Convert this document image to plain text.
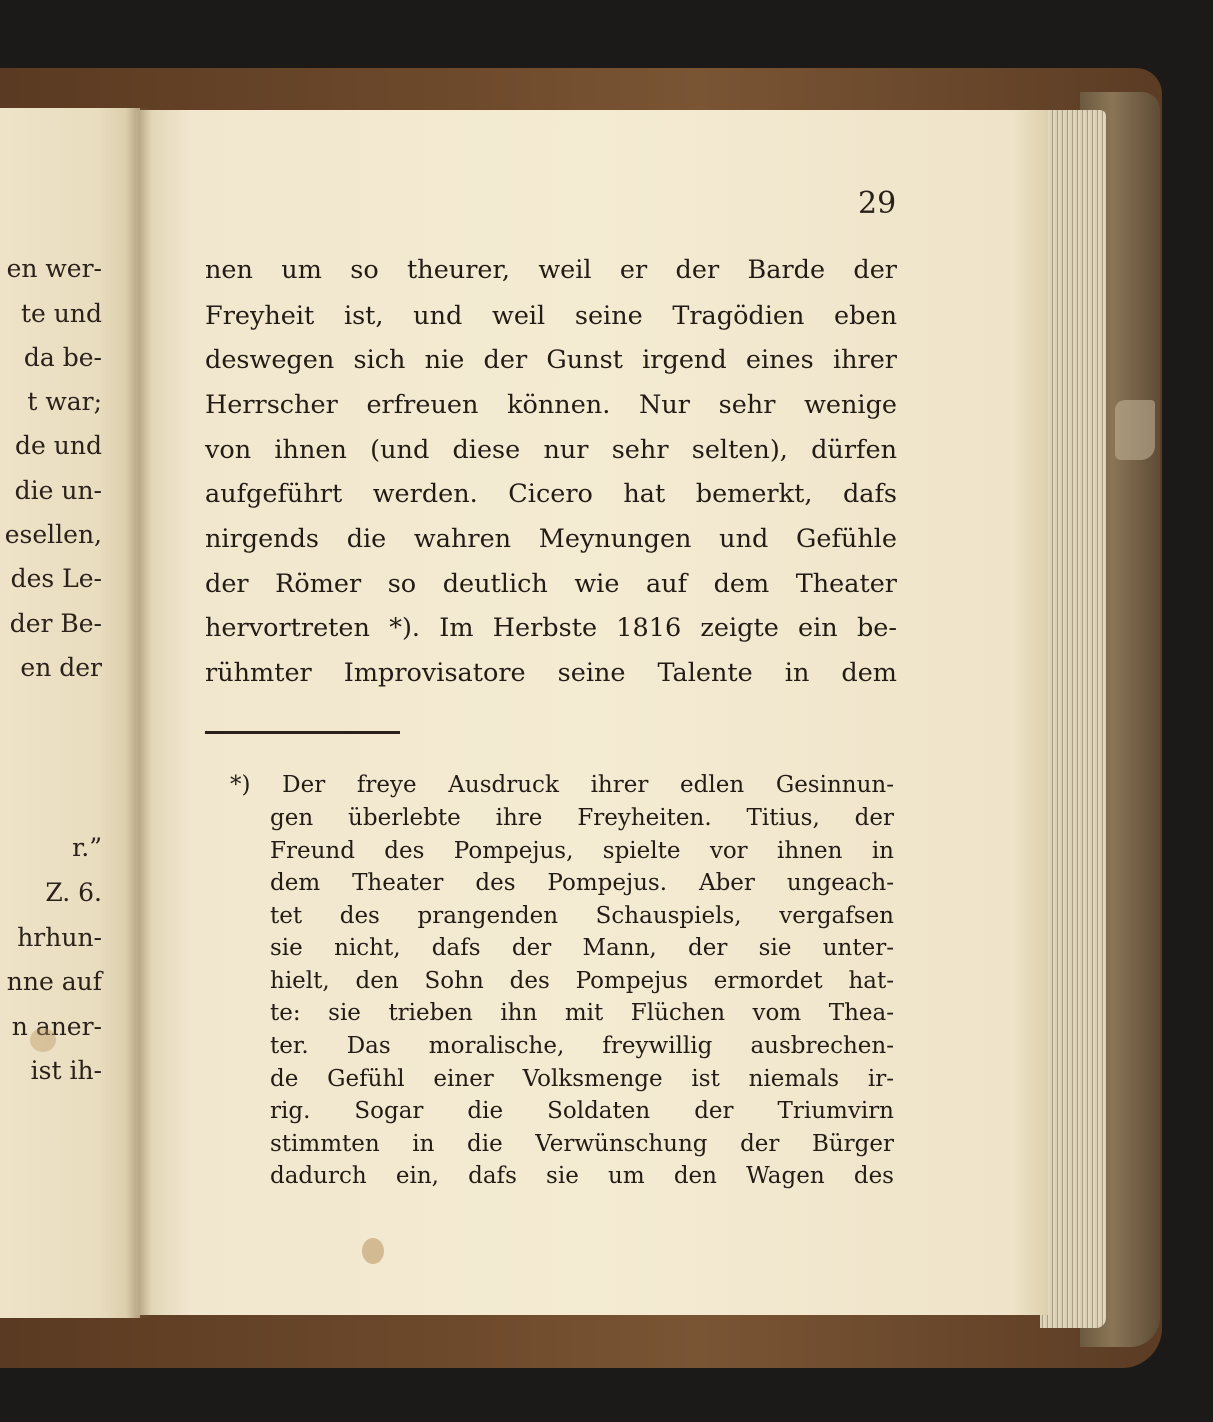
en wer-
te und
da be-
t war;
de und
die un-
esellen,
des Le-
der Be-
en der
r.”
Z. 6.
hrhun-
nne auf
n aner-
ist ih-
29
nen um so theurer, weil er der Barde der
Freyheit ist, und weil seine Tragödien eben
deswegen sich nie der Gunst irgend eines ihrer
Herrscher erfreuen können. Nur sehr wenige
von ihnen (und diese nur sehr selten), dürfen
aufgeführt werden. Cicero hat bemerkt, dafs
nirgends die wahren Meynungen und Gefühle
der Römer so deutlich wie auf dem Theater
hervortreten *). Im Herbste 1816 zeigte ein be-
rühmter Improvisatore seine Talente in dem
*) Der freye Ausdruck ihrer edlen Gesinnun-
gen überlebte ihre Freyheiten. Titius, der
Freund des Pompejus, spielte vor ihnen in
dem Theater des Pompejus. Aber ungeach-
tet des prangenden Schauspiels, vergafsen
sie nicht, dafs der Mann, der sie unter-
hielt, den Sohn des Pompejus ermordet hat-
te: sie trieben ihn mit Flüchen vom Thea-
ter. Das moralische, freywillig ausbrechen-
de Gefühl einer Volksmenge ist niemals ir-
rig. Sogar die Soldaten der Triumvirn
stimmten in die Verwünschung der Bürger
dadurch ein, dafs sie um den Wagen des
